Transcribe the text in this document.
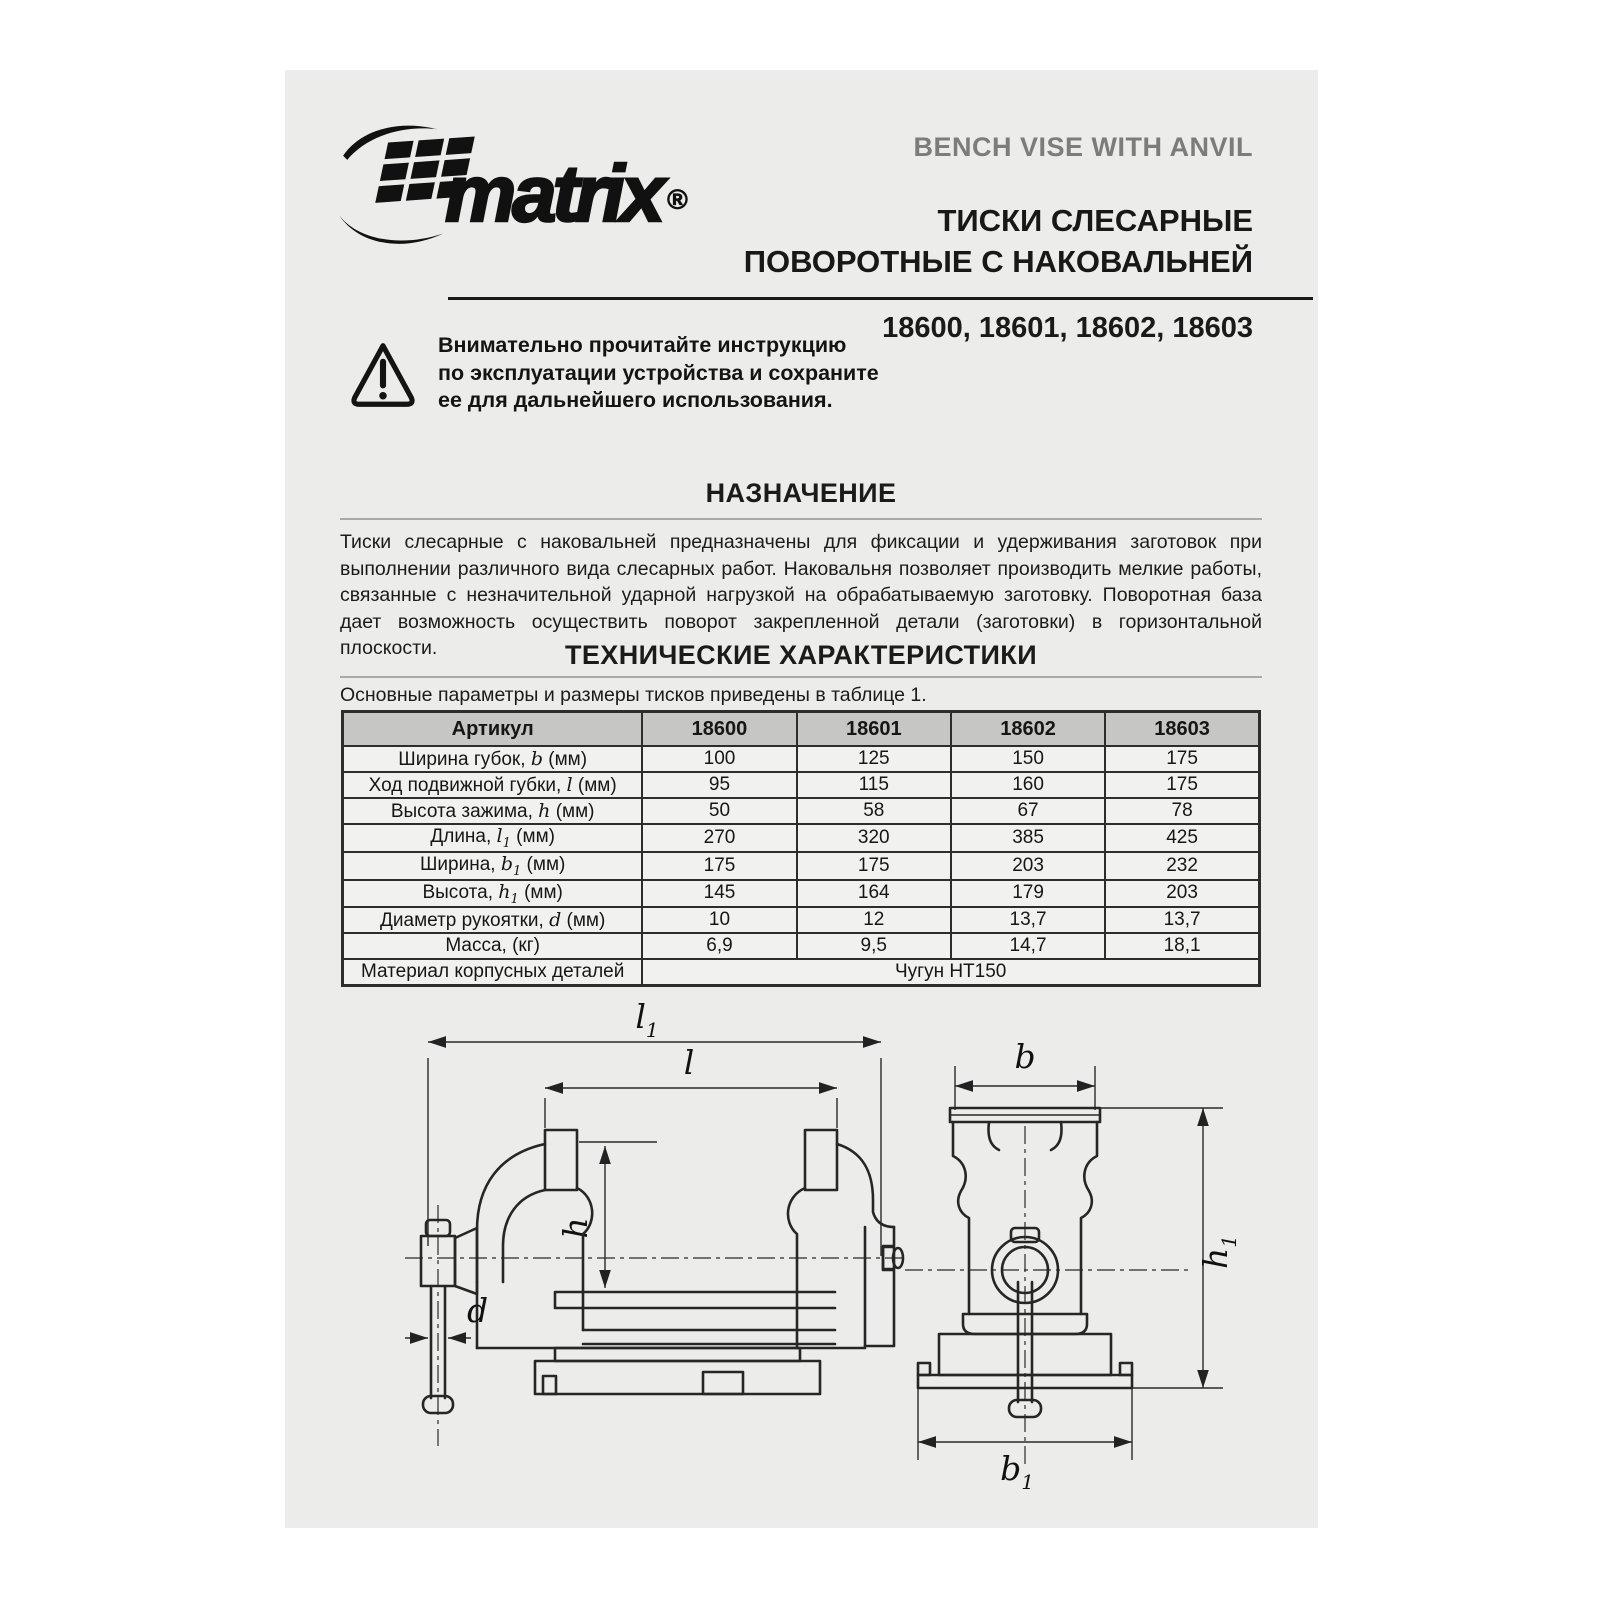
matrix ®
BENCH VISE WITH ANVIL
ТИСКИ СЛЕСАРНЫЕ
ПОВОРОТНЫЕ С НАКОВАЛЬНЕЙ
18600, 18601, 18602, 18603
Внимательно прочитайте инструкцию
по эксплуатации устройства и сохраните
ее для дальнейшего использования.
НАЗНАЧЕНИЕ
Тиски слесарные с наковальней предназначены для фиксации и удерживания заготовок при выполнении различного вида слесарных работ. Наковальня позволяет производить мелкие работы, связанные с незначительной ударной нагрузкой на обрабатываемую заготовку. Поворотная база дает возможность осуществить поворот закрепленной детали (заготовки) в горизонтальной плоскости.	ТЕХНИЧЕСКИЕ ХАРАКТЕРИСТИКИ
Основные параметры и размеры тисков приведены в таблице 1.
Артикул	18600	18601	18602	18603
Ширина губок, b (мм)	100	125	150	175
Ход подвижной губки, l (мм)	95	115	160	175
Высота зажима, h (мм)	50	58	67	78
Длина, $l_1$ (мм)	270	320	385	425
Ширина, $b_1$ (мм)	175	175	203	232
Высота, $h_1$ (мм)	145	164	179	203
Диаметр рукоятки, d (мм)	10	12	13,7	13,7
Масса, (кг)	6,9	9,5	14,7	18,1
Материал корпусных деталей	Чугун HT150			
$l_1$
l
h
d
b
$h_1$
$b_1$
